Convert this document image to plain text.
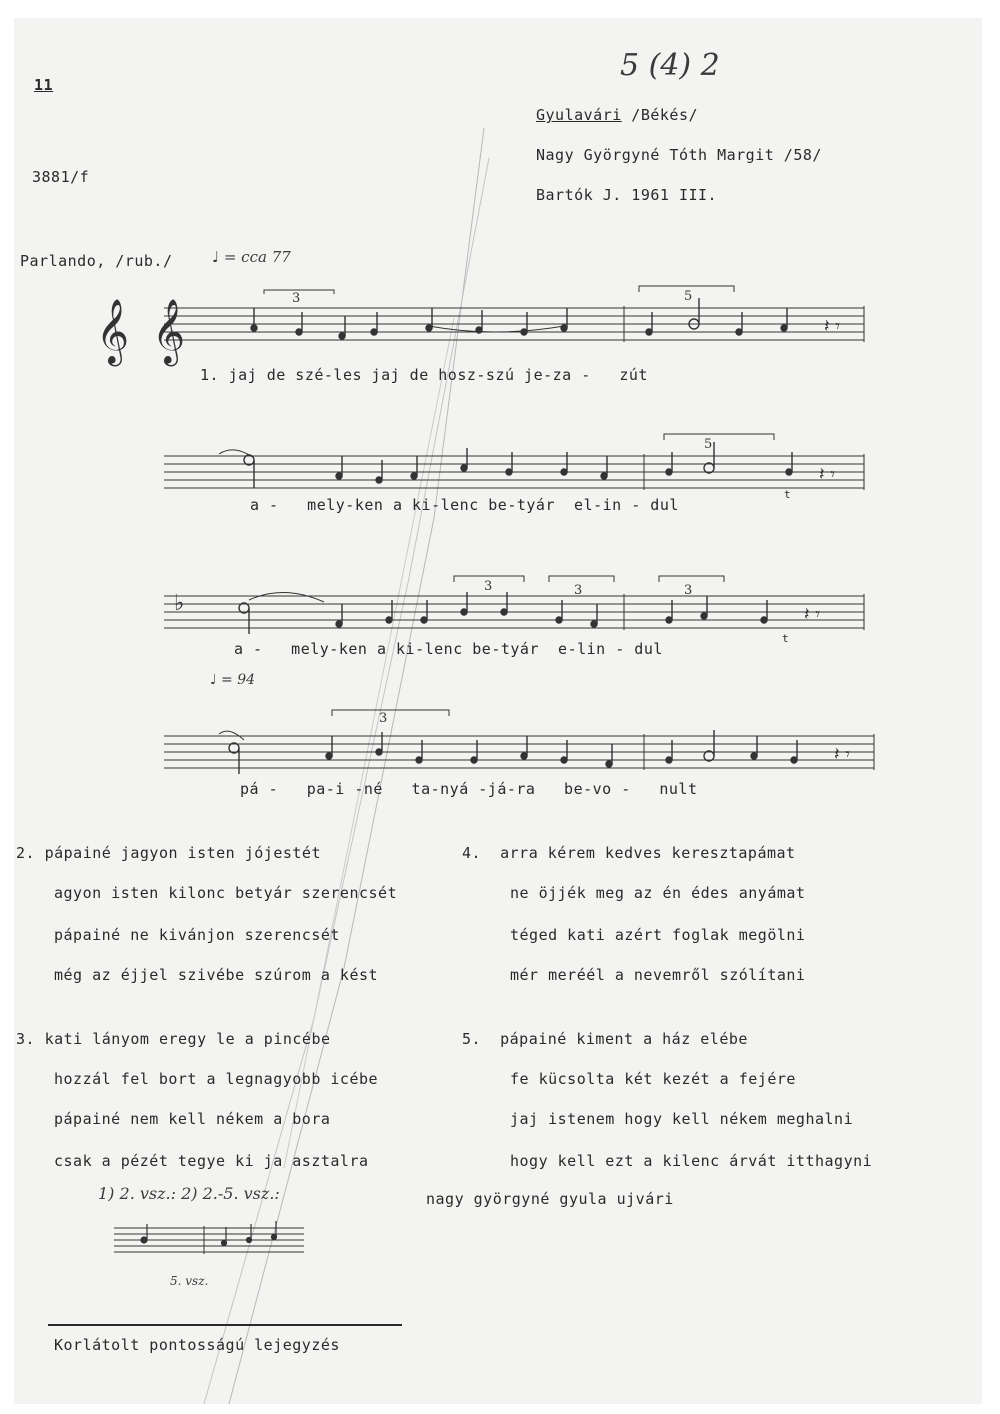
11
5 (4) 2
Gyulavári /Békés/
Nagy Györgyné Tóth Margit /58/
3881/f
Bartók J. 1961 III.
Parlando, /rub./	♩ = cca 77
𝄞 𝄞
3	5
𝄽 𝄾
1. jaj de szé-les jaj de hosz-szú je-za -   zút
5
𝄽 𝄾
a -   mely-ken a ki-lenc be-tyár  el-in - dul
t
♭
3	3	3
𝄽 𝄾
a -   mely-ken a ki-lenc be-tyár  e-lin - dul
t
♩ = 94
3
𝄽 𝄾
pá -   pa-i -né   ta-nyá -já-ra   be-vo -   nult
2. pápainé jagyon isten jójestét
agyon isten kilonc betyár szerencsét
pápainé ne kivánjon szerencsét
még az éjjel szivébe szúrom a kést
4.  arra kérem kedves keresztapámat
ne öjjék meg az én édes anyámat
téged kati azért foglak megölni
mér meréél a nevemről szólítani
3. kati lányom eregy le a pincébe
hozzál fel bort a legnagyobb icébe
pápainé nem kell nékem a bora
csak a pézét tegye ki ja asztalra
5.  pápainé kiment a ház elébe
fe kücsolta két kezét a fejére
jaj istenem hogy kell nékem meghalni
hogy kell ezt a kilenc árvát itthagyni
nagy györgyné gyula ujvári
1) 2. vsz.: 2) 2.-5. vsz.:
5. vsz.
Korlátolt pontosságú lejegyzés
